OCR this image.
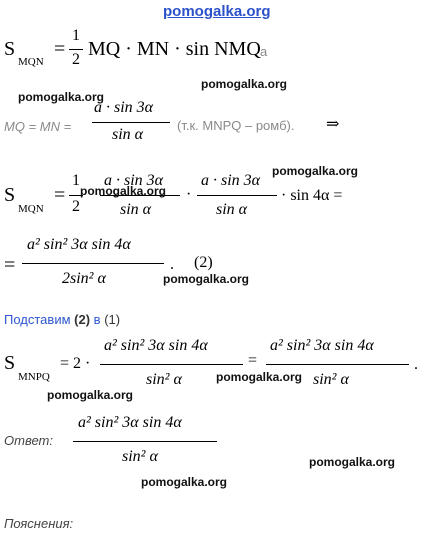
pomogalka.org
S
MQN
=
1
2 MQ · MN · sin NMQ а
pomogalka.org
pomogalka.org
MQ = MN =
a · sin 3α
sin α
(т.к. MNPQ – ромб). ⇒
pomogalka.org
S
MQN
=
1
2
a · sin 3α
sin α
·
a · sin 3α
sin α
· sin 4α =
pomogalka.org
=
a² sin² 3α sin 4α
2sin² α
. (2)
pomogalka.org
Подставим (2) в (1)
S
MNPQ
= 2 ·
a² sin² 3α sin 4α
sin² α
=
a² sin² 3α sin 4α
sin² α
.
pomogalka.org
pomogalka.org
Ответ:
a² sin² 3α sin 4α
sin² α	pomogalka.org
pomogalka.org
Пояснения:
